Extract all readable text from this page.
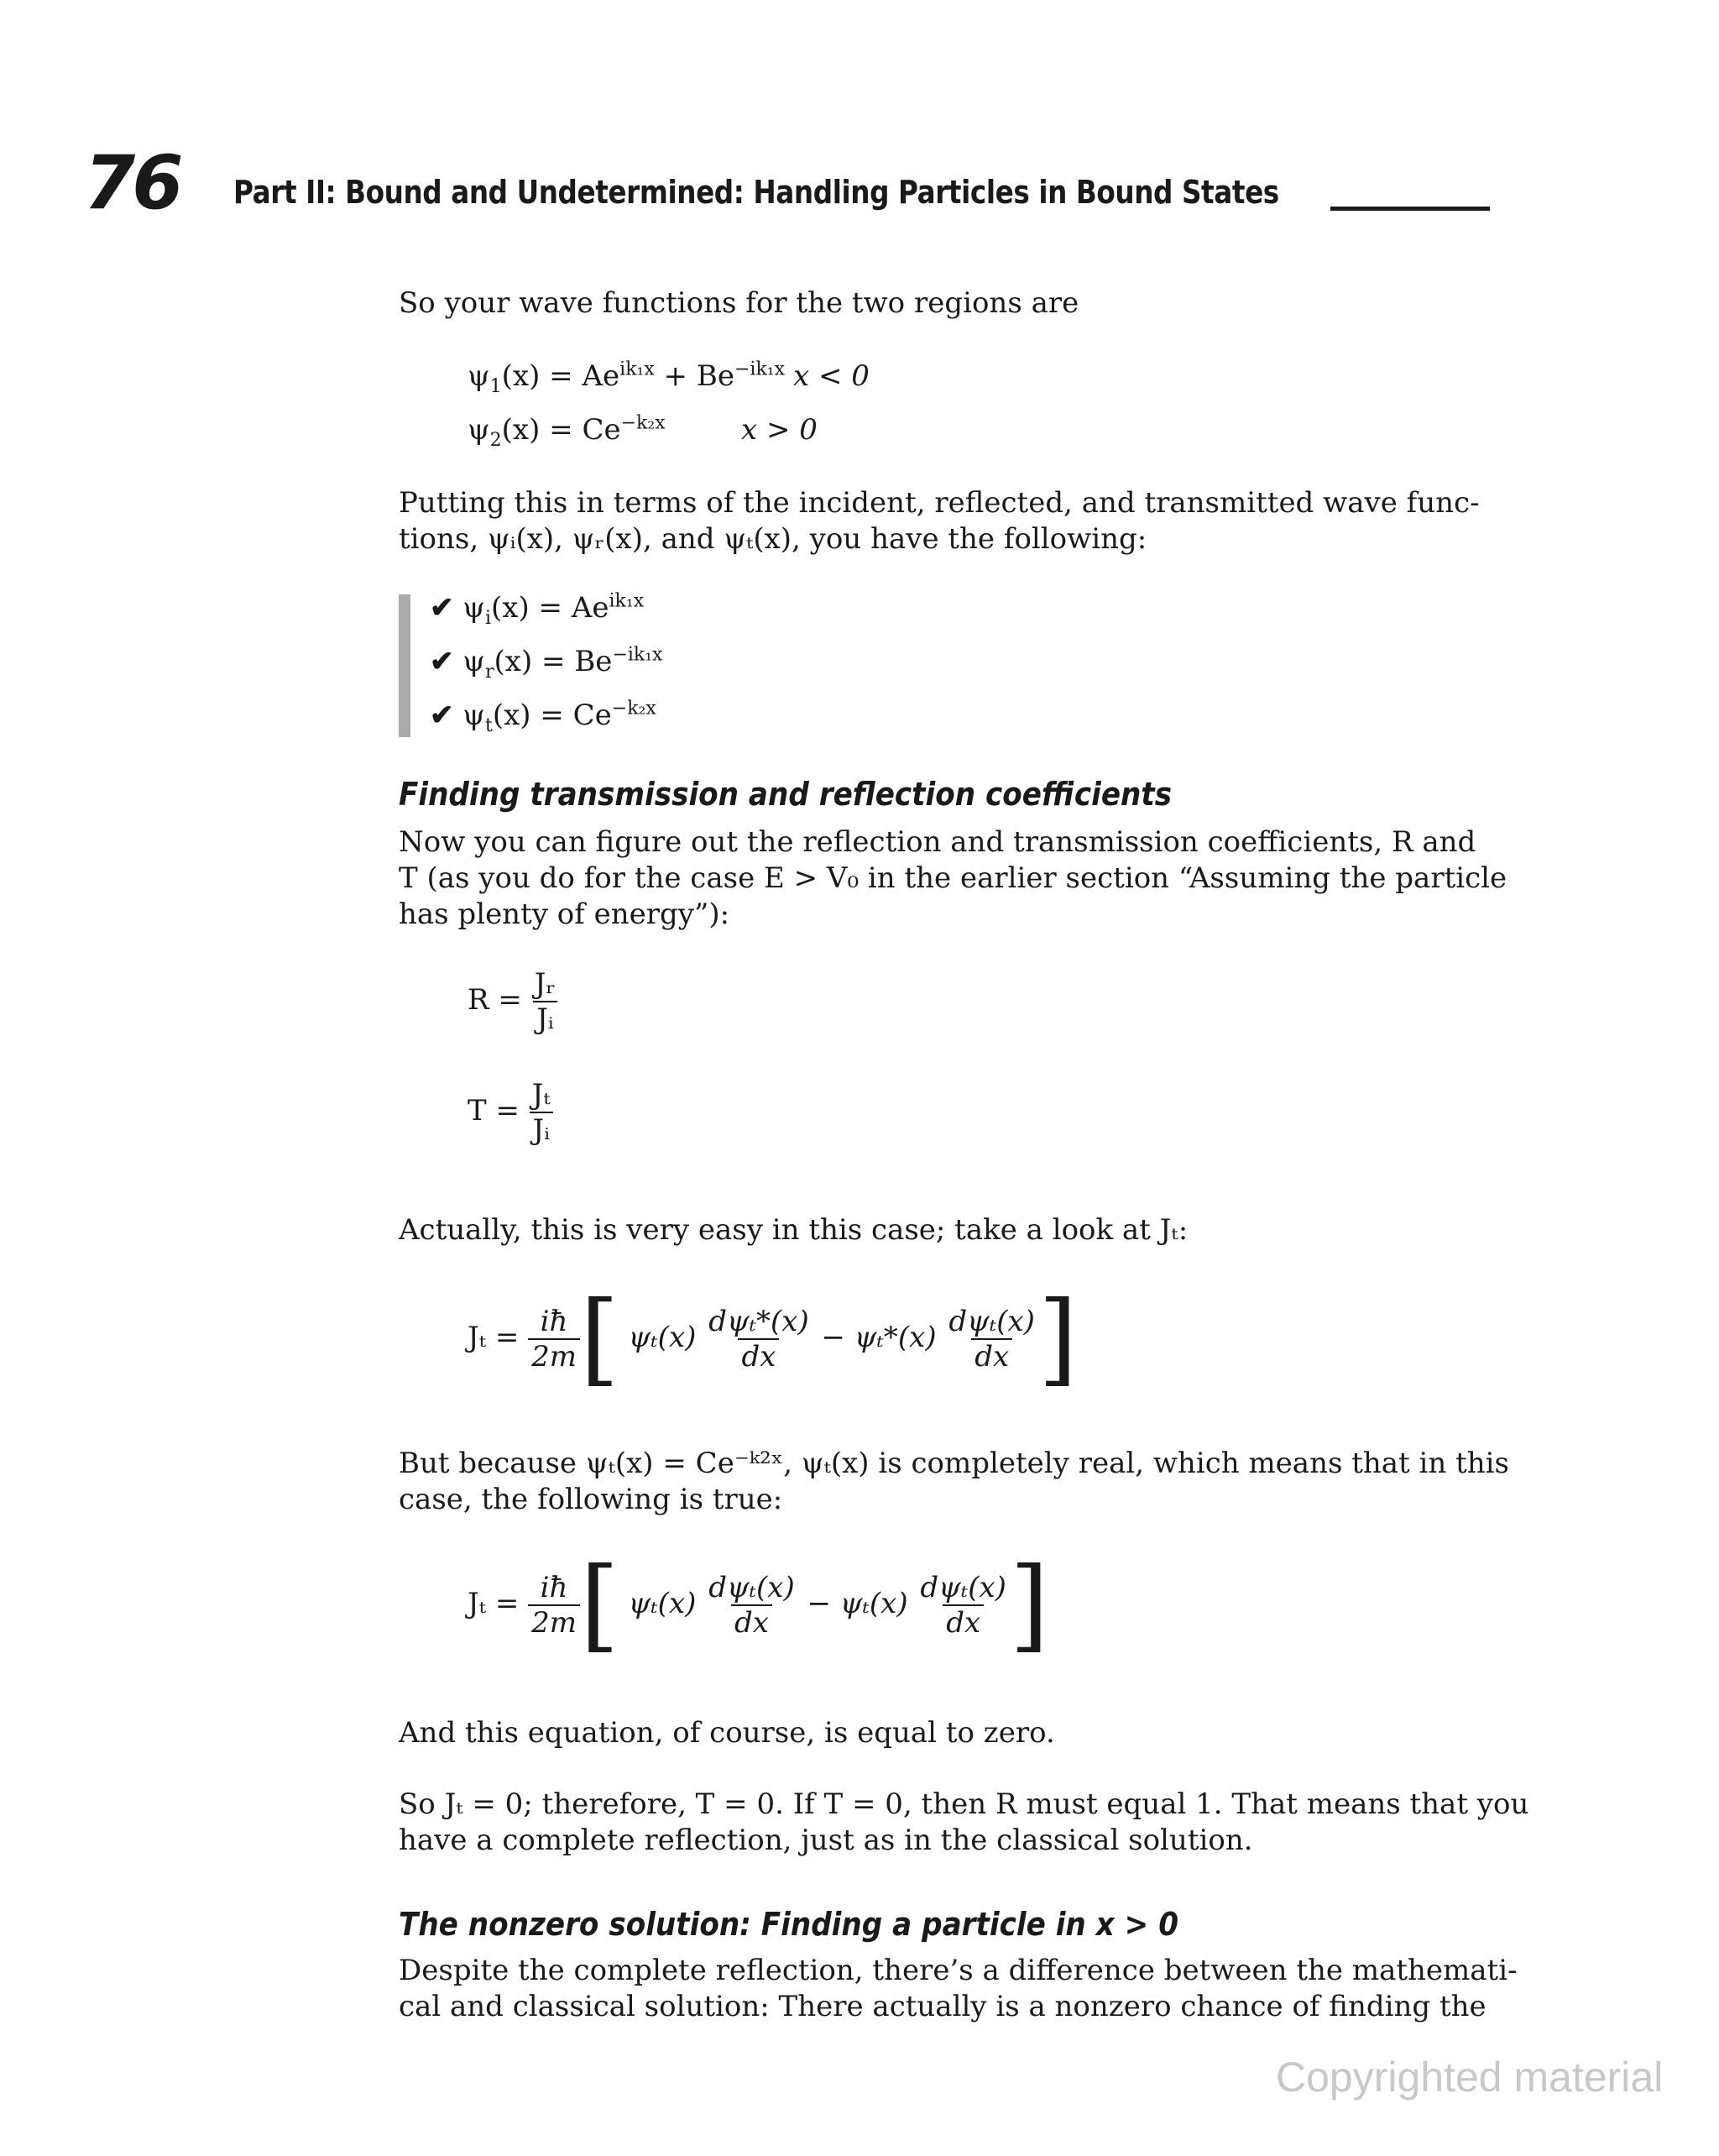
76 Part II: Bound and Undetermined: Handling Particles in Bound States
So your wave functions for the two regions are
$\psi_1(x) = Ae^{ik_1x} + Be^{-ik_1x}$ x < 0
$\psi_2(x) = Ce^{-k_2x}$	x > 0
Putting this in terms of the incident, reflected, and transmitted wave func-
tions, ψᵢ(x), ψᵣ(x), and ψₜ(x), you have the following:
✔ $\psi_i(x) = Ae^{ik_1x}$
✔ $\psi_r(x) = Be^{-ik_1x}$
✔ $\psi_t(x) = Ce^{-k_2x}$
Finding transmission and reflection coefficients
Now you can figure out the reflection and transmission coefficients, R and
T (as you do for the case E > V₀ in the earlier section “Assuming the particle
has plenty of energy”):
$R = \frac{\text{Jᵣ}}{\text{Jᵢ}}$
$T = \frac{\text{Jₜ}}{\text{Jᵢ}}$
Actually, this is very easy in this case; take a look at Jₜ:
$J_t = \frac{iħ}{2m}$ [ $\psi_t(x) \frac{\text{dψₜ*(x)}}{dx} - \psi_t*(x) \frac{\text{dψₜ(x)}}{dx}$ ]
But because ψₜ(x) = Ce⁻ᵏ²ˣ, ψₜ(x) is completely real, which means that in this
case, the following is true:
$J_t = \frac{iħ}{2m}$ [ $\psi_t(x) \frac{\text{dψₜ(x)}}{dx} - \psi_t(x) \frac{\text{dψₜ(x)}}{dx}$ ]
And this equation, of course, is equal to zero.
So Jₜ = 0; therefore, T = 0. If T = 0, then R must equal 1. That means that you
have a complete reflection, just as in the classical solution.
The nonzero solution: Finding a particle in x > 0
Despite the complete reflection, there’s a difference between the mathemati-
cal and classical solution: There actually is a nonzero chance of finding the
Copyrighted material
